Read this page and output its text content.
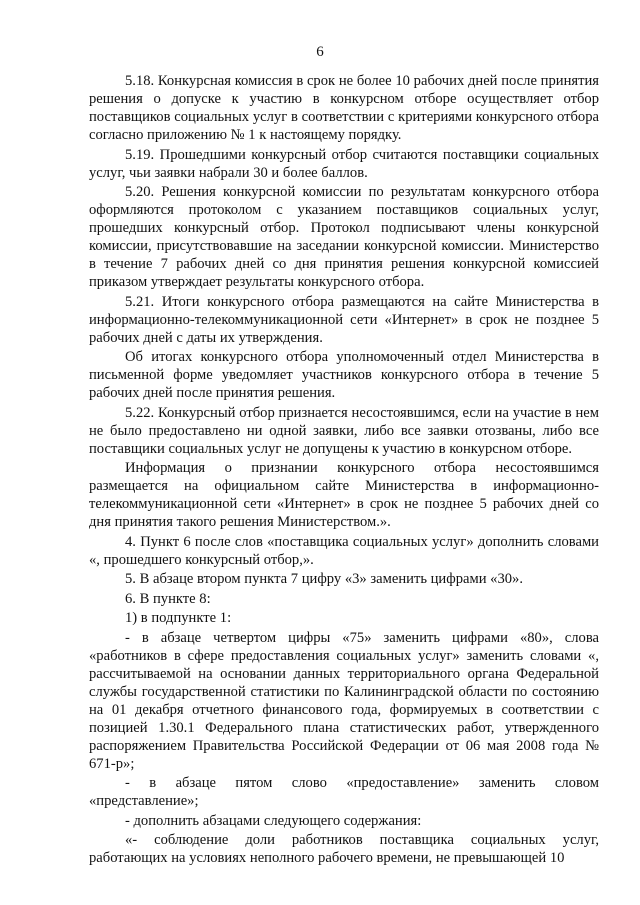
6

5.18. Конкурсная комиссия в срок не более 10 рабочих дней после принятия решения о допуске к участию в конкурсном отборе осуществляет отбор поставщиков социальных услуг в соответствии с критериями конкурсного отбора согласно приложению № 1 к настоящему порядку.

5.19. Прошедшими конкурсный отбор считаются поставщики социальных услуг, чьи заявки набрали 30 и более баллов.

5.20. Решения конкурсной комиссии по результатам конкурсного отбора оформляются протоколом с указанием поставщиков социальных услуг, прошедших конкурсный отбор. Протокол подписывают члены конкурсной комиссии, присутствовавшие на заседании конкурсной комиссии. Министерство в течение 7 рабочих дней со дня принятия решения конкурсной комиссией приказом утверждает результаты конкурсного отбора.

5.21. Итоги конкурсного отбора размещаются на сайте Министерства в информационно-телекоммуникационной сети «Интернет» в срок не позднее 5 рабочих дней с даты их утверждения.

Об итогах конкурсного отбора уполномоченный отдел Министерства в письменной форме уведомляет участников конкурсного отбора в течение 5 рабочих дней после принятия решения.

5.22. Конкурсный отбор признается несостоявшимся, если на участие в нем не было предоставлено ни одной заявки, либо все заявки отозваны, либо все поставщики социальных услуг не допущены к участию в конкурсном отборе.

Информация о признании конкурсного отбора несостоявшимся размещается на официальном сайте Министерства в информационно-телекоммуникационной сети «Интернет» в срок не позднее 5 рабочих дней со дня принятия такого решения Министерством.».

4. Пункт 6 после слов «поставщика социальных услуг» дополнить словами «, прошедшего конкурсный отбор,».

5. В абзаце втором пункта 7 цифру «3» заменить цифрами «30».

6. В пункте 8:

1) в подпункте 1:

- в абзаце четвертом цифры «75» заменить цифрами «80», слова «работников в сфере предоставления социальных услуг» заменить словами «, рассчитываемой на основании данных территориального органа Федеральной службы государственной статистики по Калининградской области по состоянию на 01 декабря отчетного финансового года, формируемых в соответствии с позицией 1.30.1 Федерального плана статистических работ, утвержденного распоряжением Правительства Российской Федерации от 06 мая 2008 года № 671-р»;

- в абзаце пятом слово «предоставление» заменить словом «представление»;

- дополнить абзацами следующего содержания:

«- соблюдение доли работников поставщика социальных услуг, работающих на условиях неполного рабочего времени, не превышающей 10
